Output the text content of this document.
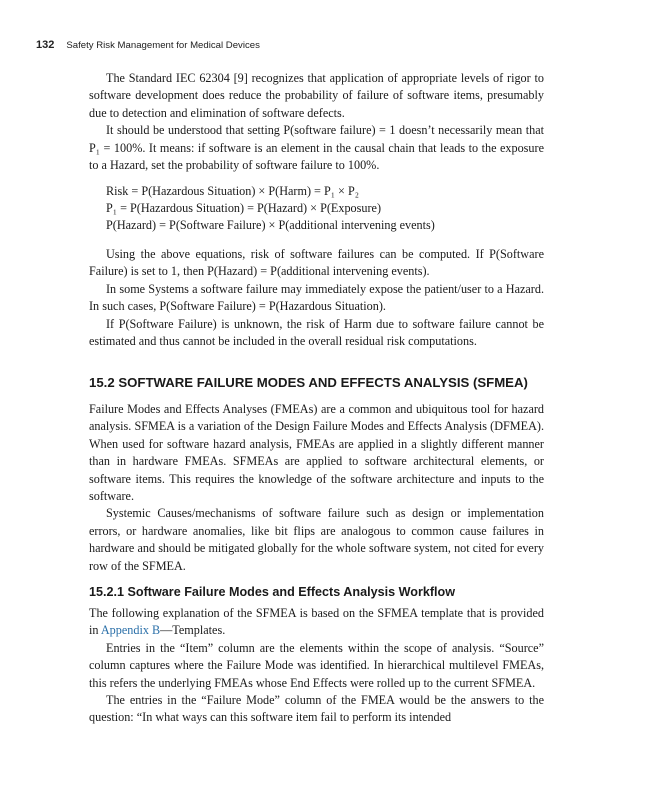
132 Safety Risk Management for Medical Devices

The Standard IEC 62304 [9] recognizes that application of appropriate levels of rigor to software development does reduce the probability of failure of software items, presumably due to detection and elimination of software defects.

It should be understood that setting P(software failure) = 1 doesn’t necessarily mean that P₁ = 100%. It means: if software is an element in the causal chain that leads to the exposure to a Hazard, set the probability of software failure to 100%.

Risk = P(Hazardous Situation) × P(Harm) = P₁ × P₂
P₁ = P(Hazardous Situation) = P(Hazard) × P(Exposure)
P(Hazard) = P(Software Failure) × P(additional intervening events)

Using the above equations, risk of software failures can be computed. If P(Software Failure) is set to 1, then P(Hazard) = P(additional intervening events).

In some Systems a software failure may immediately expose the patient/user to a Hazard. In such cases, P(Software Failure) = P(Hazardous Situation).

If P(Software Failure) is unknown, the risk of Harm due to software failure cannot be estimated and thus cannot be included in the overall residual risk computations.

15.2 SOFTWARE FAILURE MODES AND EFFECTS ANALYSIS (SFMEA)

Failure Modes and Effects Analyses (FMEAs) are a common and ubiquitous tool for hazard analysis. SFMEA is a variation of the Design Failure Modes and Effects Analysis (DFMEA). When used for software hazard analysis, FMEAs are applied in a slightly different manner than in hardware FMEAs. SFMEAs are applied to software architectural elements, or software items. This requires the knowledge of the software architecture and inputs to the software.

Systemic Causes/mechanisms of software failure such as design or implementation errors, or hardware anomalies, like bit flips are analogous to common cause failures in hardware and should be mitigated globally for the whole software system, not cited for every row of the SFMEA.

15.2.1 Software Failure Modes and Effects Analysis Workflow

The following explanation of the SFMEA is based on the SFMEA template that is provided in Appendix B—Templates.

Entries in the “Item” column are the elements within the scope of analysis. “Source” column captures where the Failure Mode was identified. In hierarchical multilevel FMEAs, this refers the underlying FMEAs whose End Effects were rolled up to the current SFMEA.

The entries in the “Failure Mode” column of the FMEA would be the answers to the question: “In what ways can this software item fail to perform its intended
